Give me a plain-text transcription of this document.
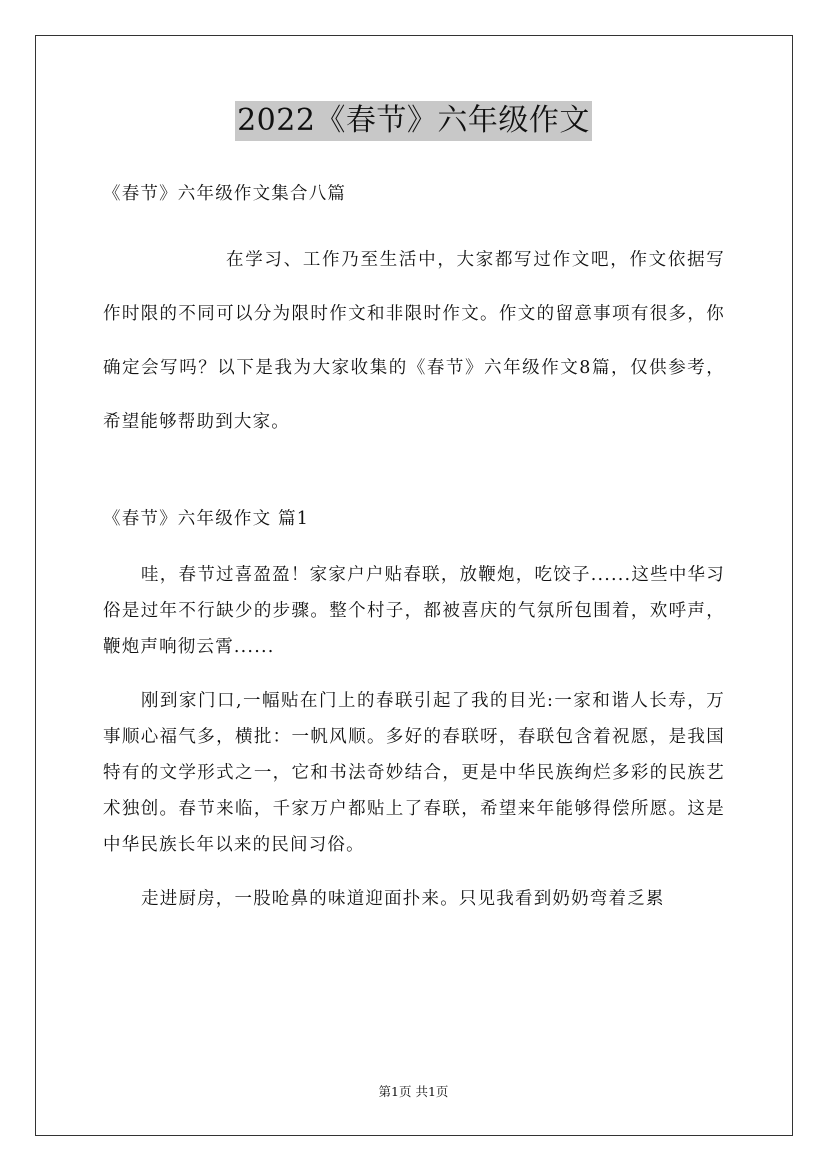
2022《春节》六年级作文
《春节》六年级作文集合八篇

在学习、工作乃至生活中，大家都写过作文吧，作文依据写作时限的不同可以分为限时作文和非限时作文。作文的留意事项有很多，你确定会写吗？以下是我为大家收集的《春节》六年级作文8篇，仅供参考，希望能够帮助到大家。

《春节》六年级作文 篇1

哇，春节过喜盈盈！家家户户贴春联，放鞭炮，吃饺子......这些中华习俗是过年不行缺少的步骤。整个村子，都被喜庆的气氛所包围着，欢呼声，鞭炮声响彻云霄......

刚到家门口,一幅贴在门上的春联引起了我的目光:一家和谐人长寿，万事顺心福气多，横批：一帆风顺。多好的春联呀，春联包含着祝愿，是我国特有的文学形式之一，它和书法奇妙结合，更是中华民族绚烂多彩的民族艺术独创。春节来临，千家万户都贴上了春联，希望来年能够得偿所愿。这是中华民族长年以来的民间习俗。

走进厨房，一股呛鼻的味道迎面扑来。只见我看到奶奶弯着乏累

第1页 共1页
